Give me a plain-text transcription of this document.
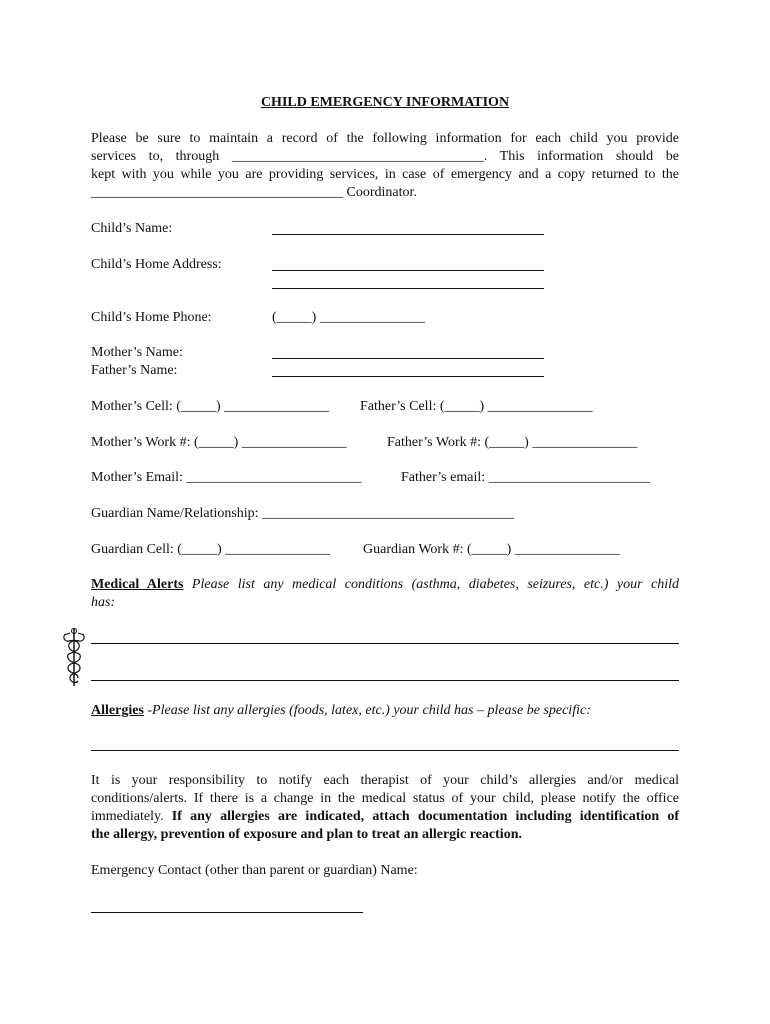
CHILD EMERGENCY INFORMATION
Please be sure to maintain a record of the following information for each child you provide
services to, through ____________________________________. This information should be
kept with you while you are providing services, in case of emergency and a copy returned to the
____________________________________ Coordinator.
Child’s Name:
Child’s Home Address:
Child’s Home Phone:	(_____) _______________
Mother’s Name:
Father’s Name:
Mother’s Cell: (_____) _______________ Father’s Cell: (_____) _______________
Mother’s Work #: (_____) _______________	Father’s Work #: (_____) _______________
Mother’s Email: _________________________	Father’s email: _______________________
Guardian Name/Relationship: ____________________________________
Guardian Cell: (_____) _______________ Guardian Work #: (_____) _______________
Medical Alerts Please list any medical conditions (asthma, diabetes, seizures, etc.) your child
has:
Allergies -Please list any allergies (foods, latex, etc.) your child has – please be specific:
It is your responsibility to notify each therapist of your child’s allergies and/or medical
conditions/alerts. If there is a change in the medical status of your child, please notify the office
immediately. If any allergies are indicated, attach documentation including identification of
the allergy, prevention of exposure and plan to treat an allergic reaction.
Emergency Contact (other than parent or guardian) Name:
